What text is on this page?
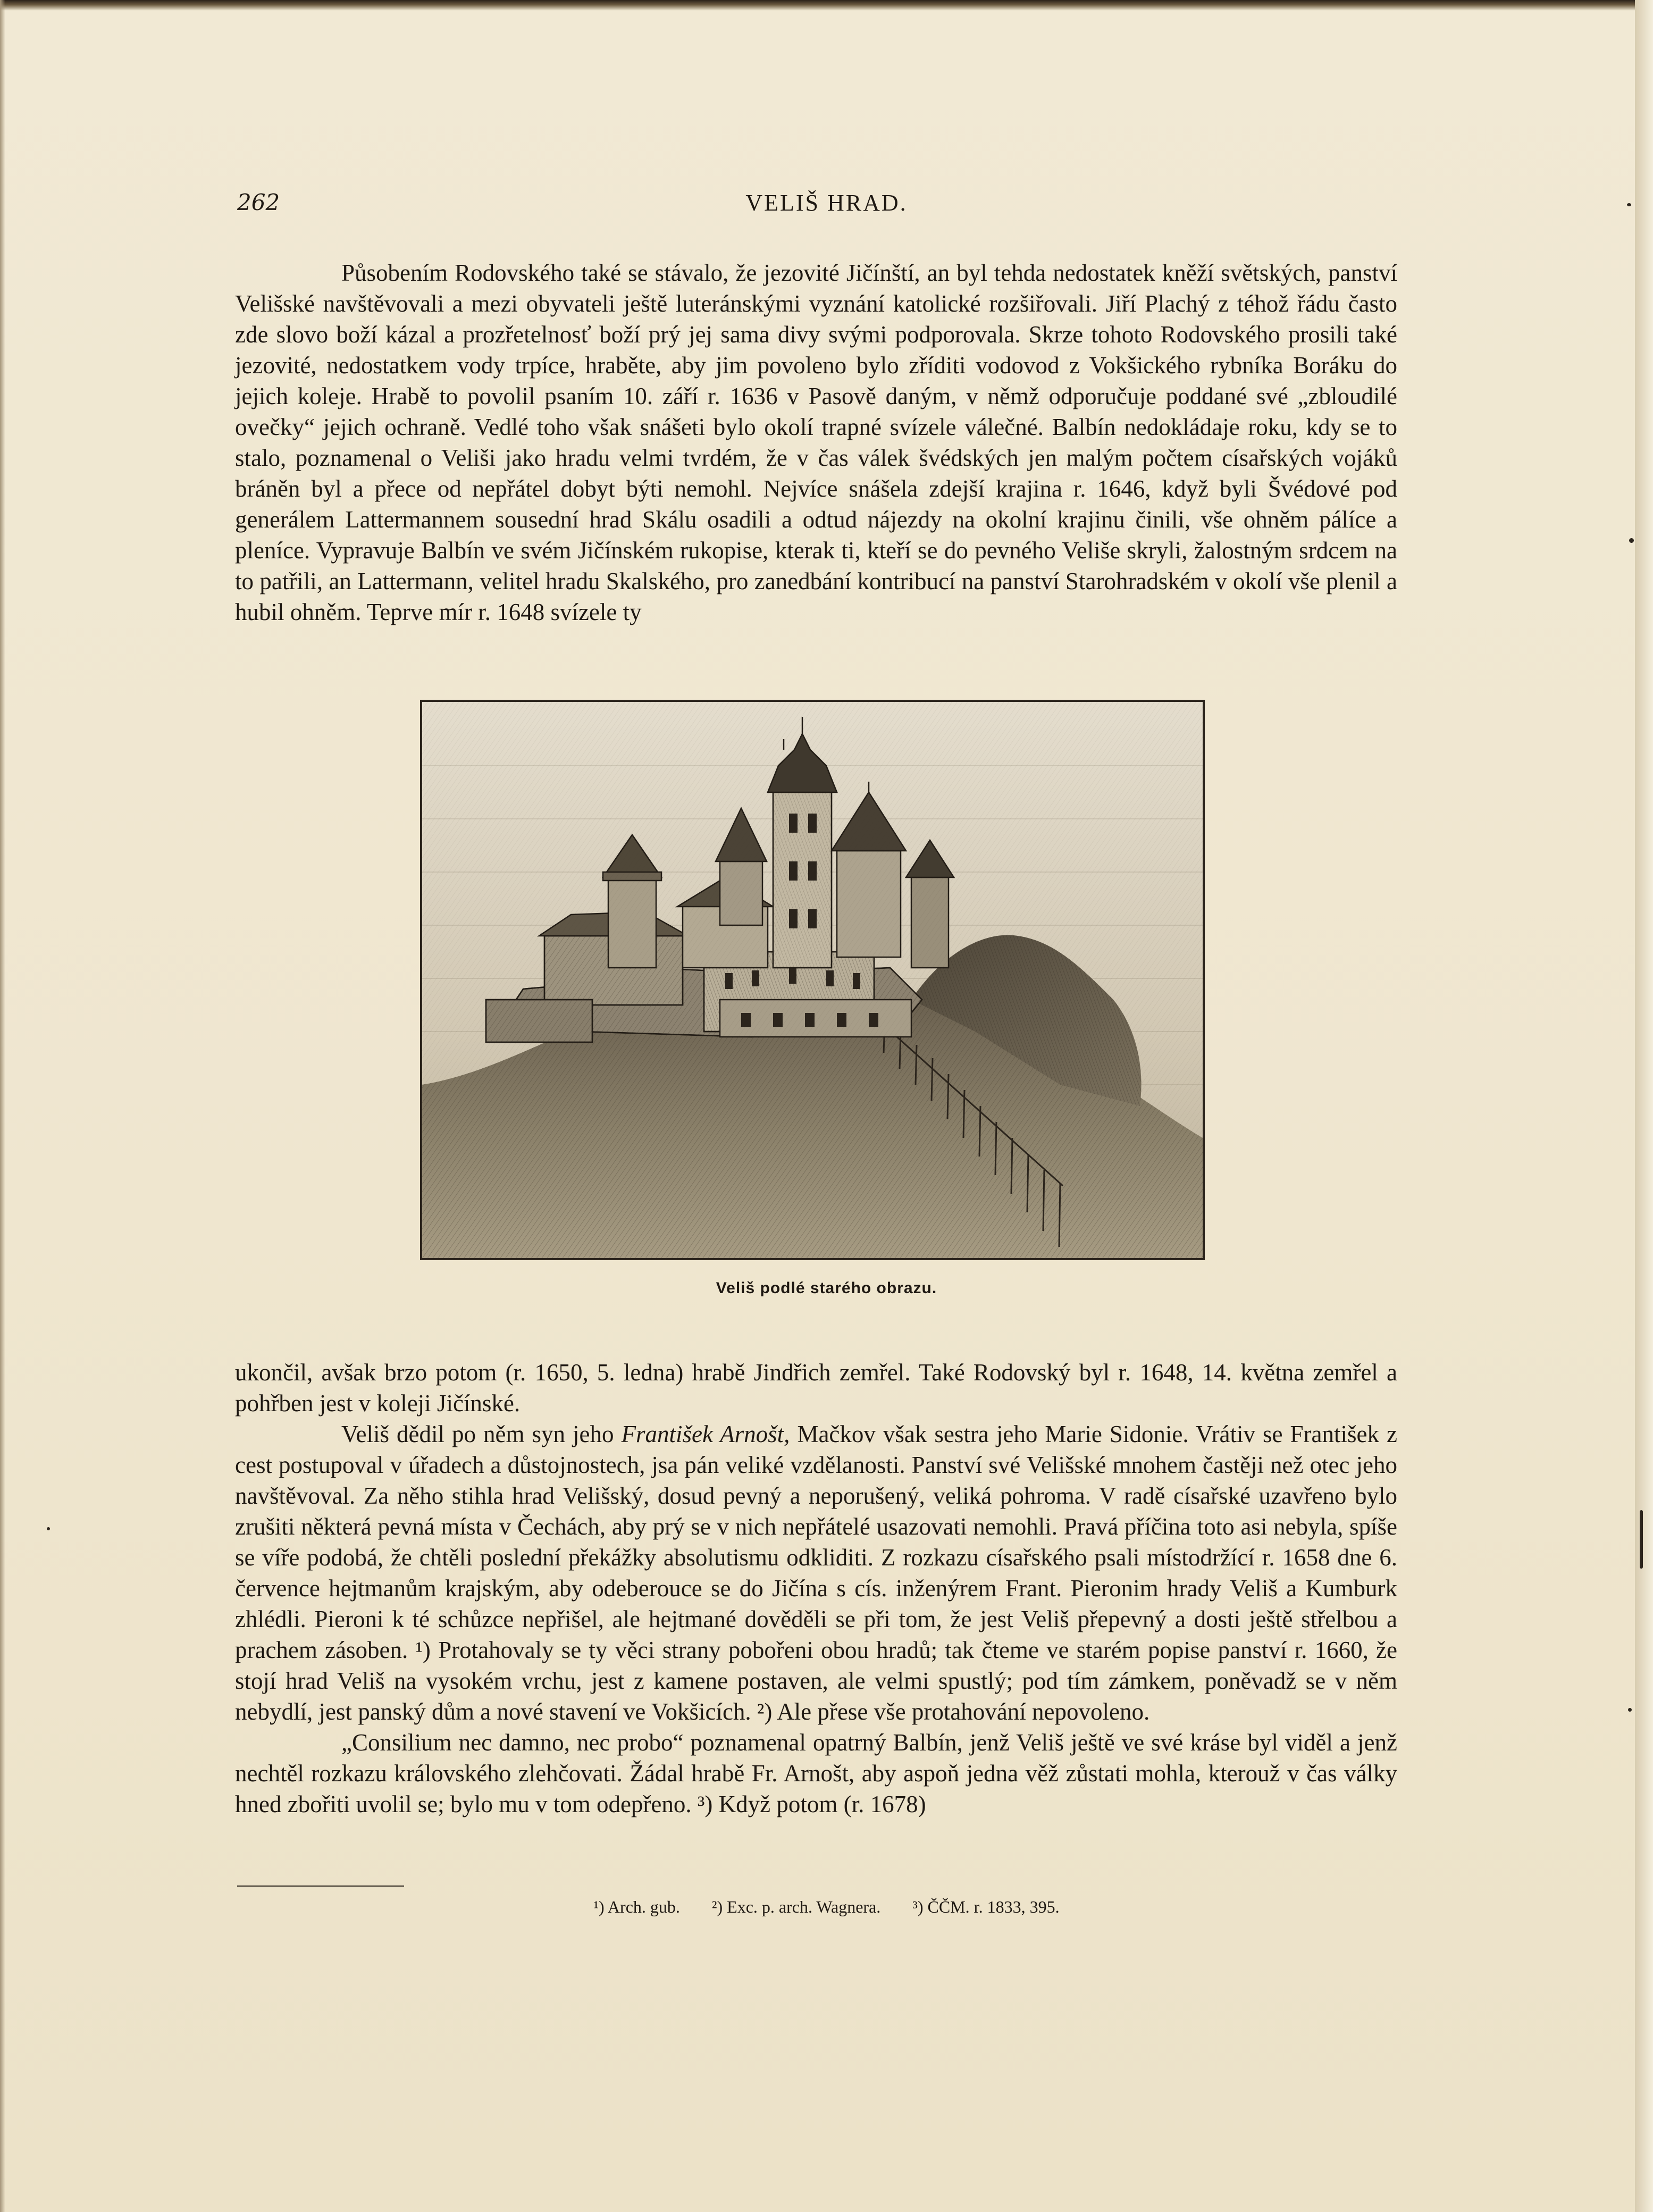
262	VELIŠ HRAD.

Působením Rodovského také se stávalo, že jezovité Jičínští, an byl tehda nedostatek kněží světských, panství Velišské navštěvovali a mezi obyvateli ještě luteránskými vyznání katolické rozšiřovali. Jiří Plachý z téhož řádu často zde slovo boží kázal a prozřetelnosť boží prý jej sama divy svými podporovala. Skrze tohoto Rodovského prosili také jezovité, nedostatkem vody trpíce, hraběte, aby jim povoleno bylo zříditi vodovod z Vokšického rybníka Boráku do jejich koleje. Hrabě to povolil psaním 10. září r. 1636 v Pasově daným, v němž odporučuje poddané své „zbloudilé ovečky“ jejich ochraně. Vedlé toho však snášeti bylo okolí trapné svízele válečné. Balbín nedokládaje roku, kdy se to stalo, poznamenal o Veliši jako hradu velmi tvrdém, že v čas válek švédských jen malým počtem císařských vojáků bráněn byl a přece od nepřátel dobyt býti nemohl. Nejvíce snášela zdejší krajina r. 1646, když byli Švédové pod generálem Lattermannem sousední hrad Skálu osadili a odtud nájezdy na okolní krajinu činili, vše ohněm pálíce a pleníce. Vypravuje Balbín ve svém Jičínském rukopise, kterak ti, kteří se do pevného Veliše skryli, žalostným srdcem na to patřili, an Lattermann, velitel hradu Skalského, pro zanedbání kontribucí na panství Starohradském v okolí vše plenil a hubil ohněm. Teprve mír r. 1648 svízele ty

Veliš podlé starého obrazu.

ukončil, avšak brzo potom (r. 1650, 5. ledna) hrabě Jindřich zemřel. Také Rodovský byl r. 1648, 14. května zemřel a pohřben jest v koleji Jičínské.

Veliš dědil po něm syn jeho František Arnošt, Mačkov však sestra jeho Marie Sidonie. Vrátiv se František z cest postupoval v úřadech a důstojnostech, jsa pán veliké vzdělanosti. Panství své Velišské mnohem častěji než otec jeho navštěvoval. Za něho stihla hrad Velišský, dosud pevný a neporušený, veliká pohroma. V radě císařské uzavřeno bylo zrušiti některá pevná místa v Čechách, aby prý se v nich nepřátelé usazovati nemohli. Pravá příčina toto asi nebyla, spíše se víře podobá, že chtěli poslední překážky absolutismu odkliditi. Z rozkazu císařského psali místodržící r. 1658 dne 6. července hejtmanům krajským, aby odeberouce se do Jičína s cís. inženýrem Frant. Pieronim hrady Veliš a Kumburk zhlédli. Pieroni k té schůzce nepřišel, ale hejtmané dověděli se při tom, že jest Veliš přepevný a dosti ještě střelbou a prachem zásoben. ¹) Protahovaly se ty věci strany pobořeni obou hradů; tak čteme ve starém popise panství r. 1660, že stojí hrad Veliš na vysokém vrchu, jest z kamene postaven, ale velmi spustlý; pod tím zámkem, poněvadž se v něm nebydlí, jest panský dům a nové stavení ve Vokšicích. ²) Ale přese vše protahování nepovoleno.

„Consilium nec damno, nec probo“ poznamenal opatrný Balbín, jenž Veliš ještě ve své kráse byl viděl a jenž nechtěl rozkazu královského zlehčovati. Žádal hrabě Fr. Arnošt, aby aspoň jedna věž zůstati mohla, kterouž v čas války hned zbořiti uvolil se; bylo mu v tom odepřeno. ³) Když potom (r. 1678)

¹) Arch. gub. ²) Exc. p. arch. Wagnera. ³) ČČM. r. 1833, 395.
